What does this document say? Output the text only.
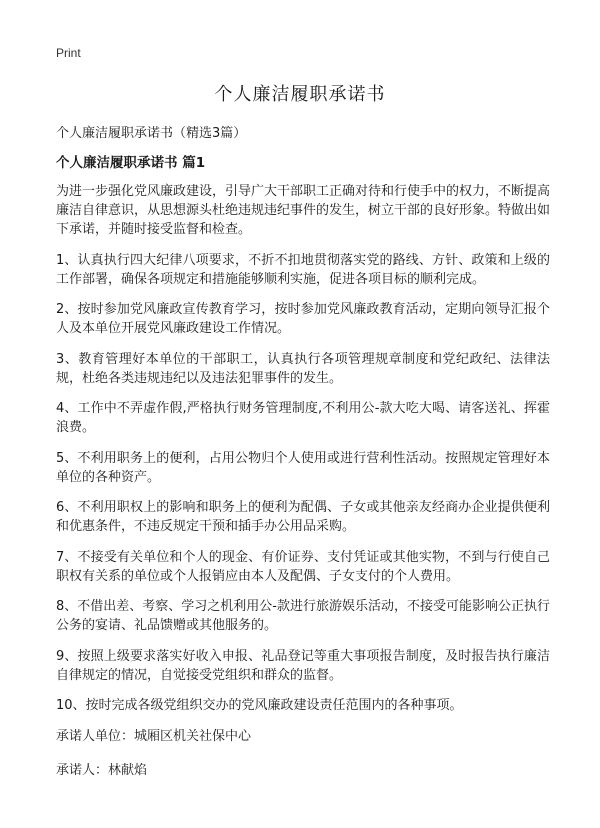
Print
个人廉洁履职承诺书

个人廉洁履职承诺书（精选3篇）

个人廉洁履职承诺书 篇1

为进一步强化党风廉政建设，引导广大干部职工正确对待和行使手中的权力，不断提高廉洁自律意识，从思想源头杜绝违规违纪事件的发生，树立干部的良好形象。特做出如下承诺，并随时接受监督和检查。

1、认真执行四大纪律八项要求，不折不扣地贯彻落实党的路线、方针、政策和上级的工作部署，确保各项规定和措施能够顺利实施，促进各项目标的顺利完成。

2、按时参加党风廉政宣传教育学习，按时参加党风廉政教育活动，定期向领导汇报个人及本单位开展党风廉政建设工作情况。

3、教育管理好本单位的干部职工，认真执行各项管理规章制度和党纪政纪、法律法规，杜绝各类违规违纪以及违法犯罪事件的发生。

4、工作中不弄虚作假,严格执行财务管理制度,不利用公-款大吃大喝、请客送礼、挥霍浪费。

5、不利用职务上的便利，占用公物归个人使用或进行营利性活动。按照规定管理好本单位的各种资产。

6、不利用职权上的影响和职务上的便利为配偶、子女或其他亲友经商办企业提供便利和优惠条件，不违反规定干预和插手办公用品采购。

7、不接受有关单位和个人的现金、有价证券、支付凭证或其他实物，不到与行使自己职权有关系的单位或个人报销应由本人及配偶、子女支付的个人费用。

8、不借出差、考察、学习之机利用公-款进行旅游娱乐活动，不接受可能影响公正执行公务的宴请、礼品馈赠或其他服务的。

9、按照上级要求落实好收入申报、礼品登记等重大事项报告制度，及时报告执行廉洁自律规定的情况，自觉接受党组织和群众的监督。

10、按时完成各级党组织交办的党风廉政建设责任范围内的各种事项。

承诺人单位：城厢区机关社保中心

承诺人：林献焰
